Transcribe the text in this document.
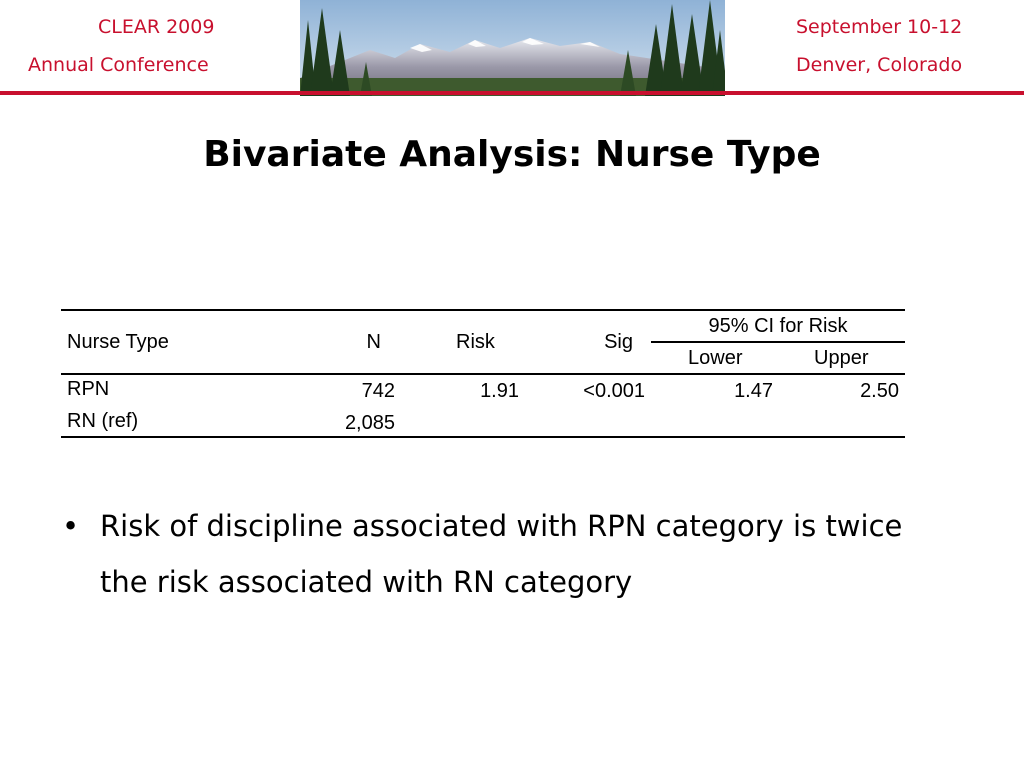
CLEAR 2009
Annual Conference
September 10-12
Denver, Colorado
Bivariate Analysis: Nurse Type
Nurse Type	N	Risk	Sig
95% CI for Risk
Lower	Upper
RPN	742	1.91	<0.001	1.47	2.50
RN (ref)	2,085
• Risk of discipline associated with RPN category is twice the risk associated with RN category
